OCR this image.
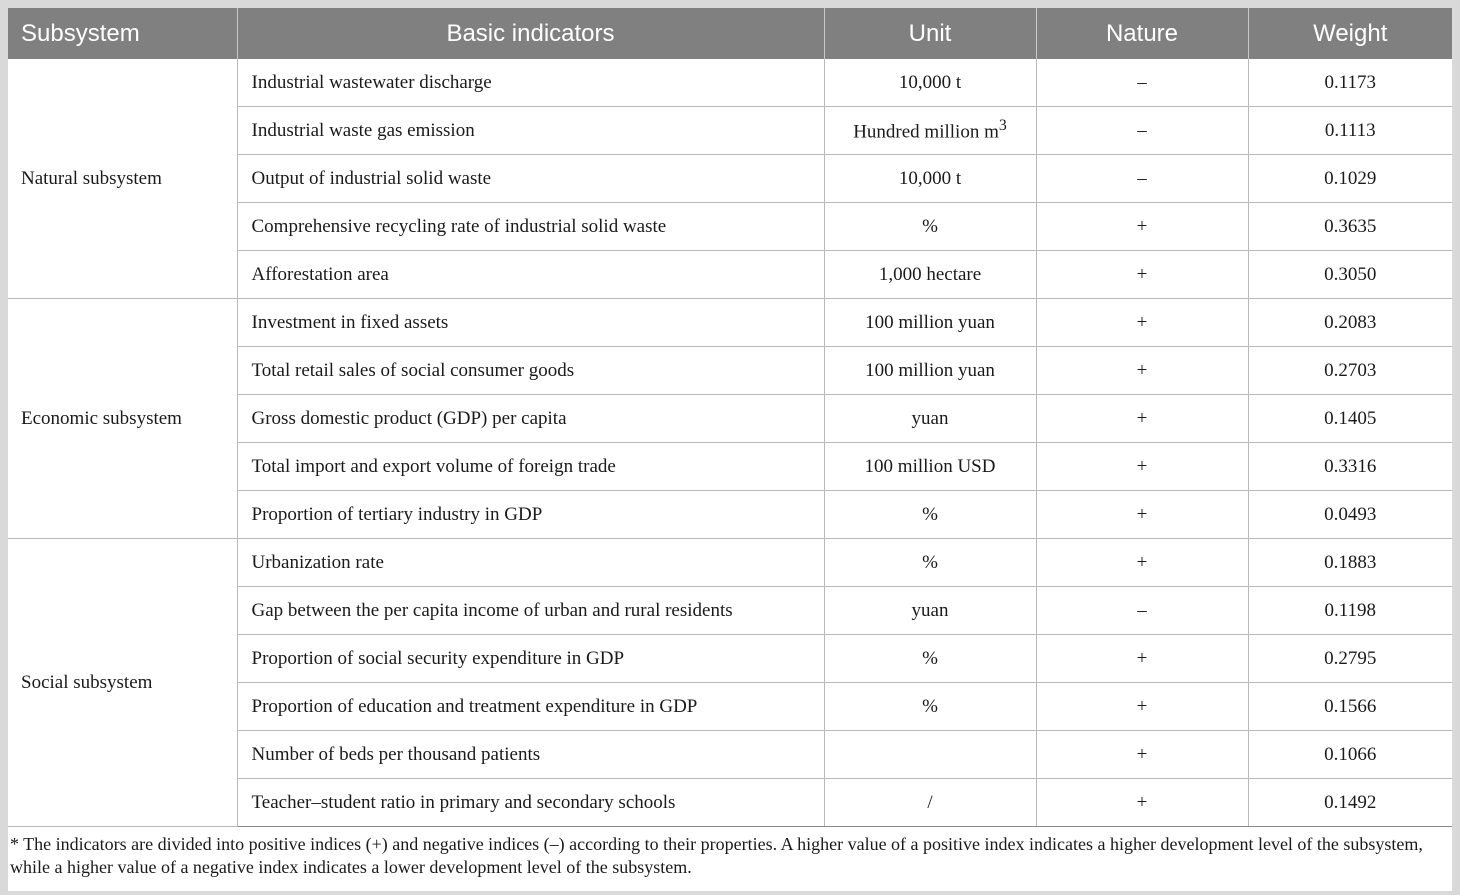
Subsystem	Basic indicators	Unit	Nature	Weight
Natural subsystem	Industrial wastewater discharge	10,000 t	–	0.1173
	Industrial waste gas emission	Hundred million $m^3$	–	0.1113
	Output of industrial solid waste	10,000 t	–	0.1029
	Comprehensive recycling rate of industrial solid waste	%	+	0.3635
	Afforestation area	1,000 hectare	+	0.3050
Economic subsystem	Investment in fixed assets	100 million yuan	+	0.2083
	Total retail sales of social consumer goods	100 million yuan	+	0.2703
	Gross domestic product (GDP) per capita	yuan	+	0.1405
	Total import and export volume of foreign trade	100 million USD	+	0.3316
	Proportion of tertiary industry in GDP	%	+	0.0493
Social subsystem	Urbanization rate	%	+	0.1883
	Gap between the per capita income of urban and rural residents	yuan	–	0.1198
	Proportion of social security expenditure in GDP	%	+	0.2795
	Proportion of education and treatment expenditure in GDP	%	+	0.1566
	Number of beds per thousand patients		+	0.1066
	Teacher–student ratio in primary and secondary schools	/	+	0.1492
* The indicators are divided into positive indices (+) and negative indices (–) according to their properties. A higher value of a positive index indicates a higher development level of the subsystem, while a higher value of a negative index indicates a lower development level of the subsystem.
